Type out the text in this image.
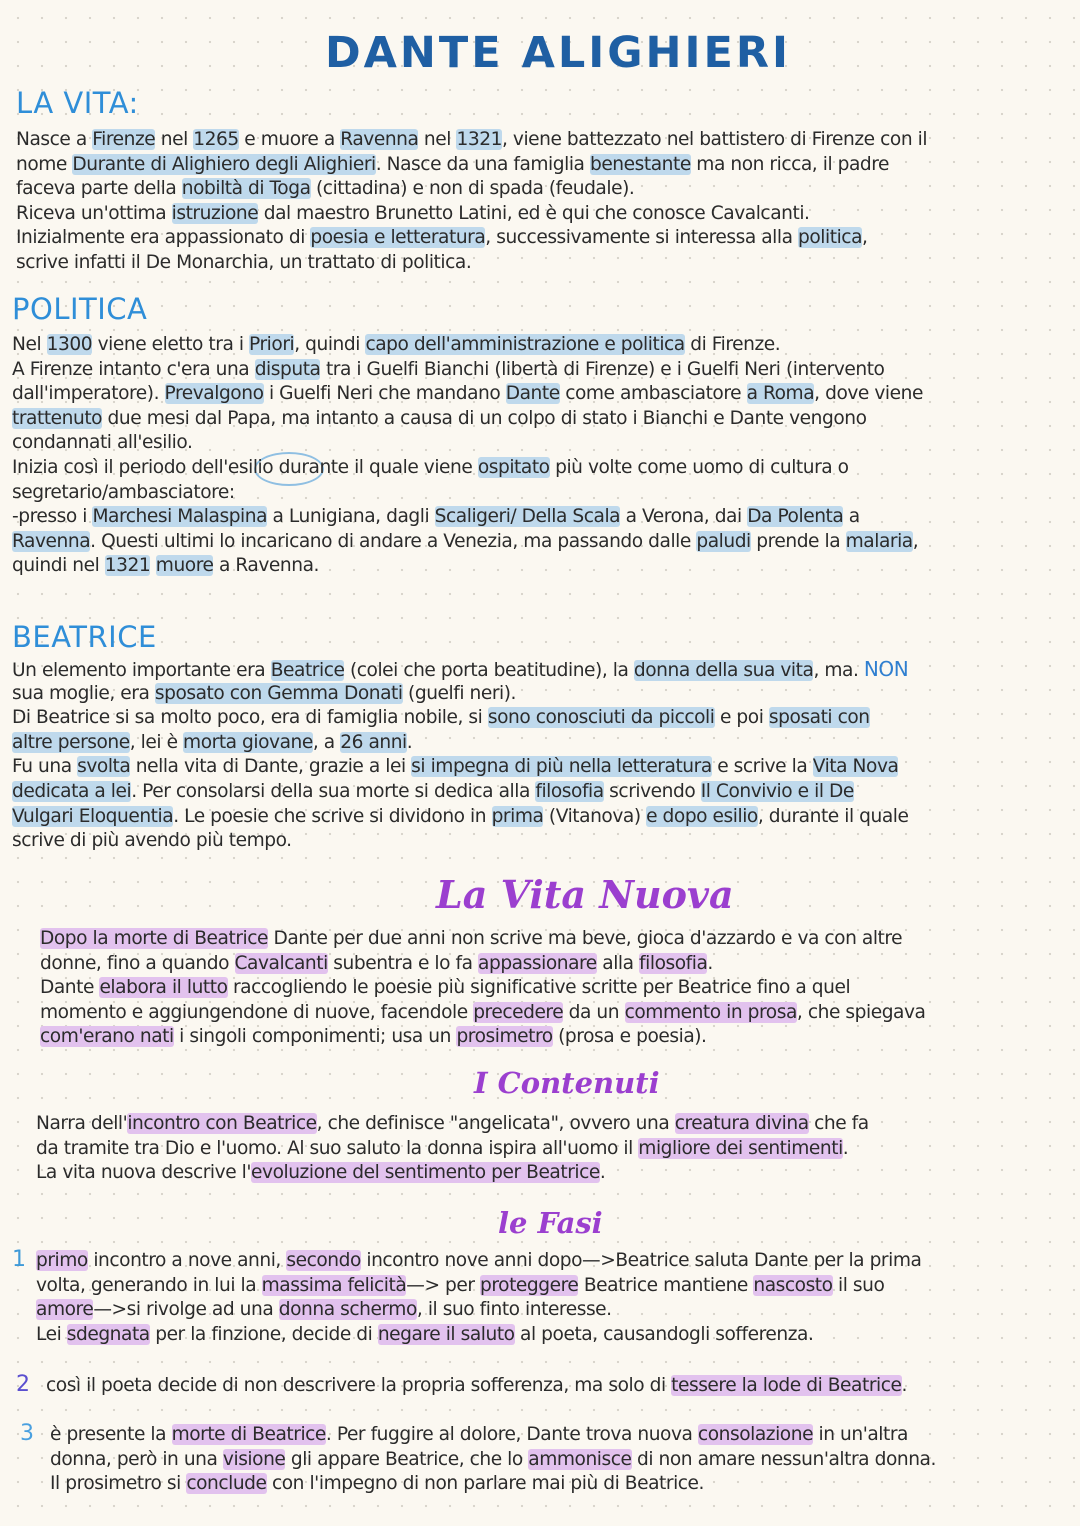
DANTE ALIGHIERI
LA VITA:
POLITICA
BEATRICE
La Vita Nuova
I Contenuti
le Fasi
1
2
3
Nasce a Firenze nel 1265 e muore a Ravenna nel 1321, viene battezzato nel battistero di Firenze con il
nome Durante di Alighiero degli Alighieri. Nasce da una famiglia benestante ma non ricca, il padre
faceva parte della nobiltà di Toga (cittadina) e non di spada (feudale).
Riceva un'ottima istruzione dal maestro Brunetto Latini, ed è qui che conosce Cavalcanti.
Inizialmente era appassionato di poesia e letteratura, successivamente si interessa alla politica,
scrive infatti il De Monarchia, un trattato di politica.
Nel 1300 viene eletto tra i Priori, quindi capo dell'amministrazione e politica di Firenze.
A Firenze intanto c'era una disputa tra i Guelfi Bianchi (libertà di Firenze) e i Guelfi Neri (intervento
dall'imperatore). Prevalgono i Guelfi Neri che mandano Dante come ambasciatore a Roma, dove viene
trattenuto due mesi dal Papa, ma intanto a causa di un colpo di stato i Bianchi e Dante vengono
condannati all'esilio.
Inizia così il periodo dell'esilio durante il quale viene ospitato più volte come uomo di cultura o
segretario/ambasciatore:
-presso i Marchesi Malaspina a Lunigiana, dagli Scaligeri/ Della Scala a Verona, dai Da Polenta a
Ravenna. Questi ultimi lo incaricano di andare a Venezia, ma passando dalle paludi prende la malaria,
quindi nel 1321 muore a Ravenna.
Un elemento importante era Beatrice (colei che porta beatitudine), la donna della sua vita, ma. NON
sua moglie, era sposato con Gemma Donati (guelfi neri).
Di Beatrice si sa molto poco, era di famiglia nobile, si sono conosciuti da piccoli e poi sposati con
altre persone, lei è morta giovane, a 26 anni.
Fu una svolta nella vita di Dante, grazie a lei si impegna di più nella letteratura e scrive la Vita Nova
dedicata a lei. Per consolarsi della sua morte si dedica alla filosofia scrivendo Il Convivio e il De
Vulgari Eloquentia. Le poesie che scrive si dividono in prima (Vitanova) e dopo esilio, durante il quale
scrive di più avendo più tempo.
Dopo la morte di Beatrice Dante per due anni non scrive ma beve, gioca d'azzardo e va con altre
donne, fino a quando Cavalcanti subentra e lo fa appassionare alla filosofia.
Dante elabora il lutto raccogliendo le poesie più significative scritte per Beatrice fino a quel
momento e aggiungendone di nuove, facendole precedere da un commento in prosa, che spiegava
com'erano nati i singoli componimenti; usa un prosimetro (prosa e poesia).
Narra dell'incontro con Beatrice, che definisce "angelicata", ovvero una creatura divina che fa
da tramite tra Dio e l'uomo. Al suo saluto la donna ispira all'uomo il migliore dei sentimenti.
La vita nuova descrive l'evoluzione del sentimento per Beatrice.
primo incontro a nove anni, secondo incontro nove anni dopo—>Beatrice saluta Dante per la prima
volta, generando in lui la massima felicità—> per proteggere Beatrice mantiene nascosto il suo
amore—>si rivolge ad una donna schermo, il suo finto interesse.
Lei sdegnata per la finzione, decide di negare il saluto al poeta, causandogli sofferenza.
così il poeta decide di non descrivere la propria sofferenza, ma solo di tessere la lode di Beatrice.
è presente la morte di Beatrice. Per fuggire al dolore, Dante trova nuova consolazione in un'altra
donna, però in una visione gli appare Beatrice, che lo ammonisce di non amare nessun'altra donna.
Il prosimetro si conclude con l'impegno di non parlare mai più di Beatrice.
